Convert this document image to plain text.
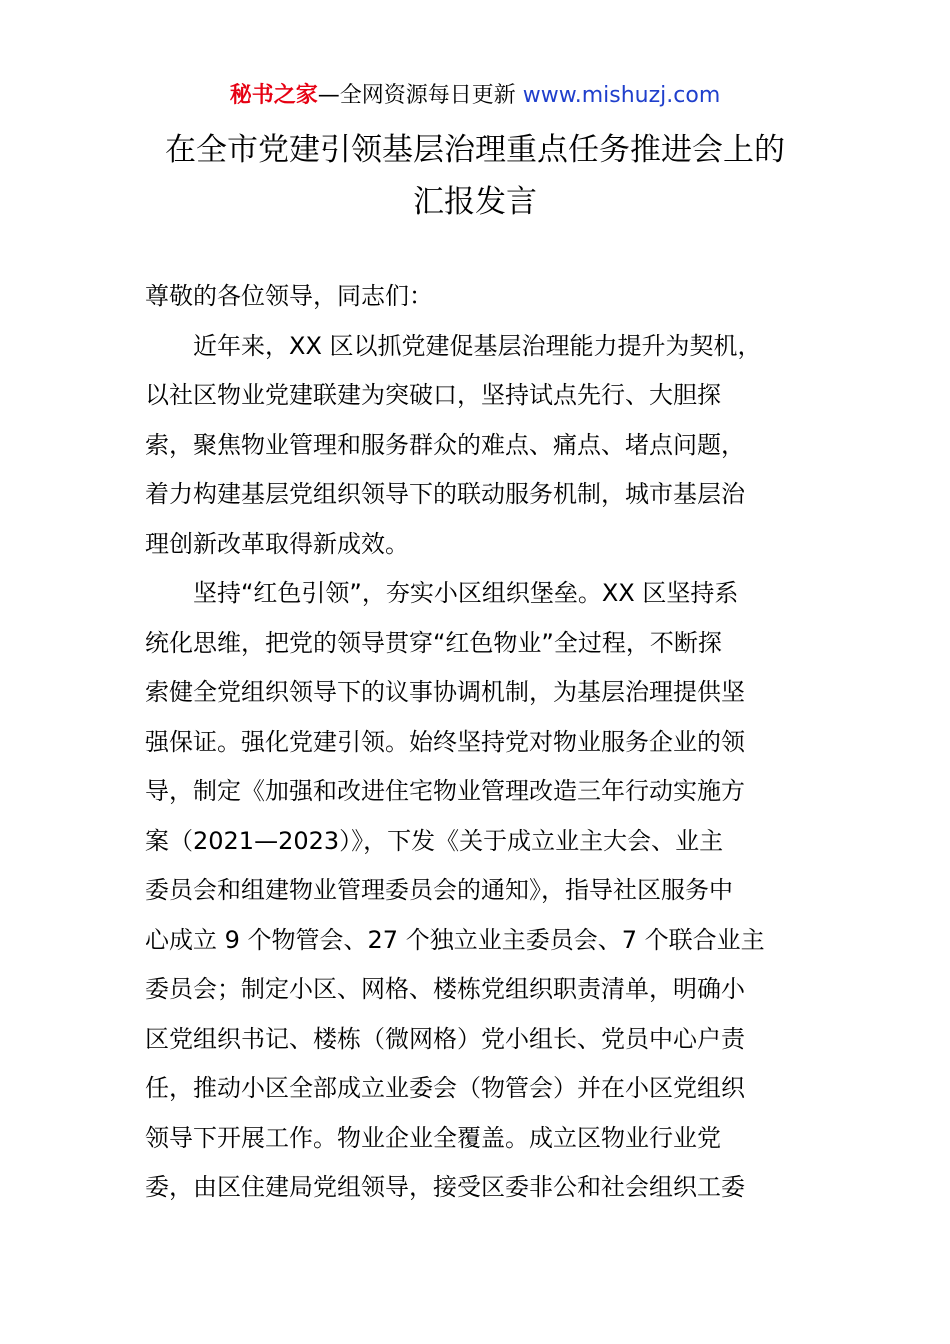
秘书之家—全网资源每日更新 www.mishuzj.com
在全市党建引领基层治理重点任务推进会上的
汇报发言
尊敬的各位领导，同志们：
近年来，XX 区以抓党建促基层治理能力提升为契机，
以社区物业党建联建为突破口，坚持试点先行、大胆探
索，聚焦物业管理和服务群众的难点、痛点、堵点问题，
着力构建基层党组织领导下的联动服务机制，城市基层治
理创新改革取得新成效。
坚持“红色引领”，夯实小区组织堡垒。XX 区坚持系
统化思维，把党的领导贯穿“红色物业”全过程，不断探
索健全党组织领导下的议事协调机制，为基层治理提供坚
强保证。强化党建引领。始终坚持党对物业服务企业的领
导，制定《加强和改进住宅物业管理改造三年行动实施方
案（2021—2023）》，下发《关于成立业主大会、业主
委员会和组建物业管理委员会的通知》，指导社区服务中
心成立 9 个物管会、27 个独立业主委员会、7 个联合业主
委员会；制定小区、网格、楼栋党组织职责清单，明确小
区党组织书记、楼栋（微网格）党小组长、党员中心户责
任，推动小区全部成立业委会（物管会）并在小区党组织
领导下开展工作。物业企业全覆盖。成立区物业行业党
委，由区住建局党组领导，接受区委非公和社会组织工委
